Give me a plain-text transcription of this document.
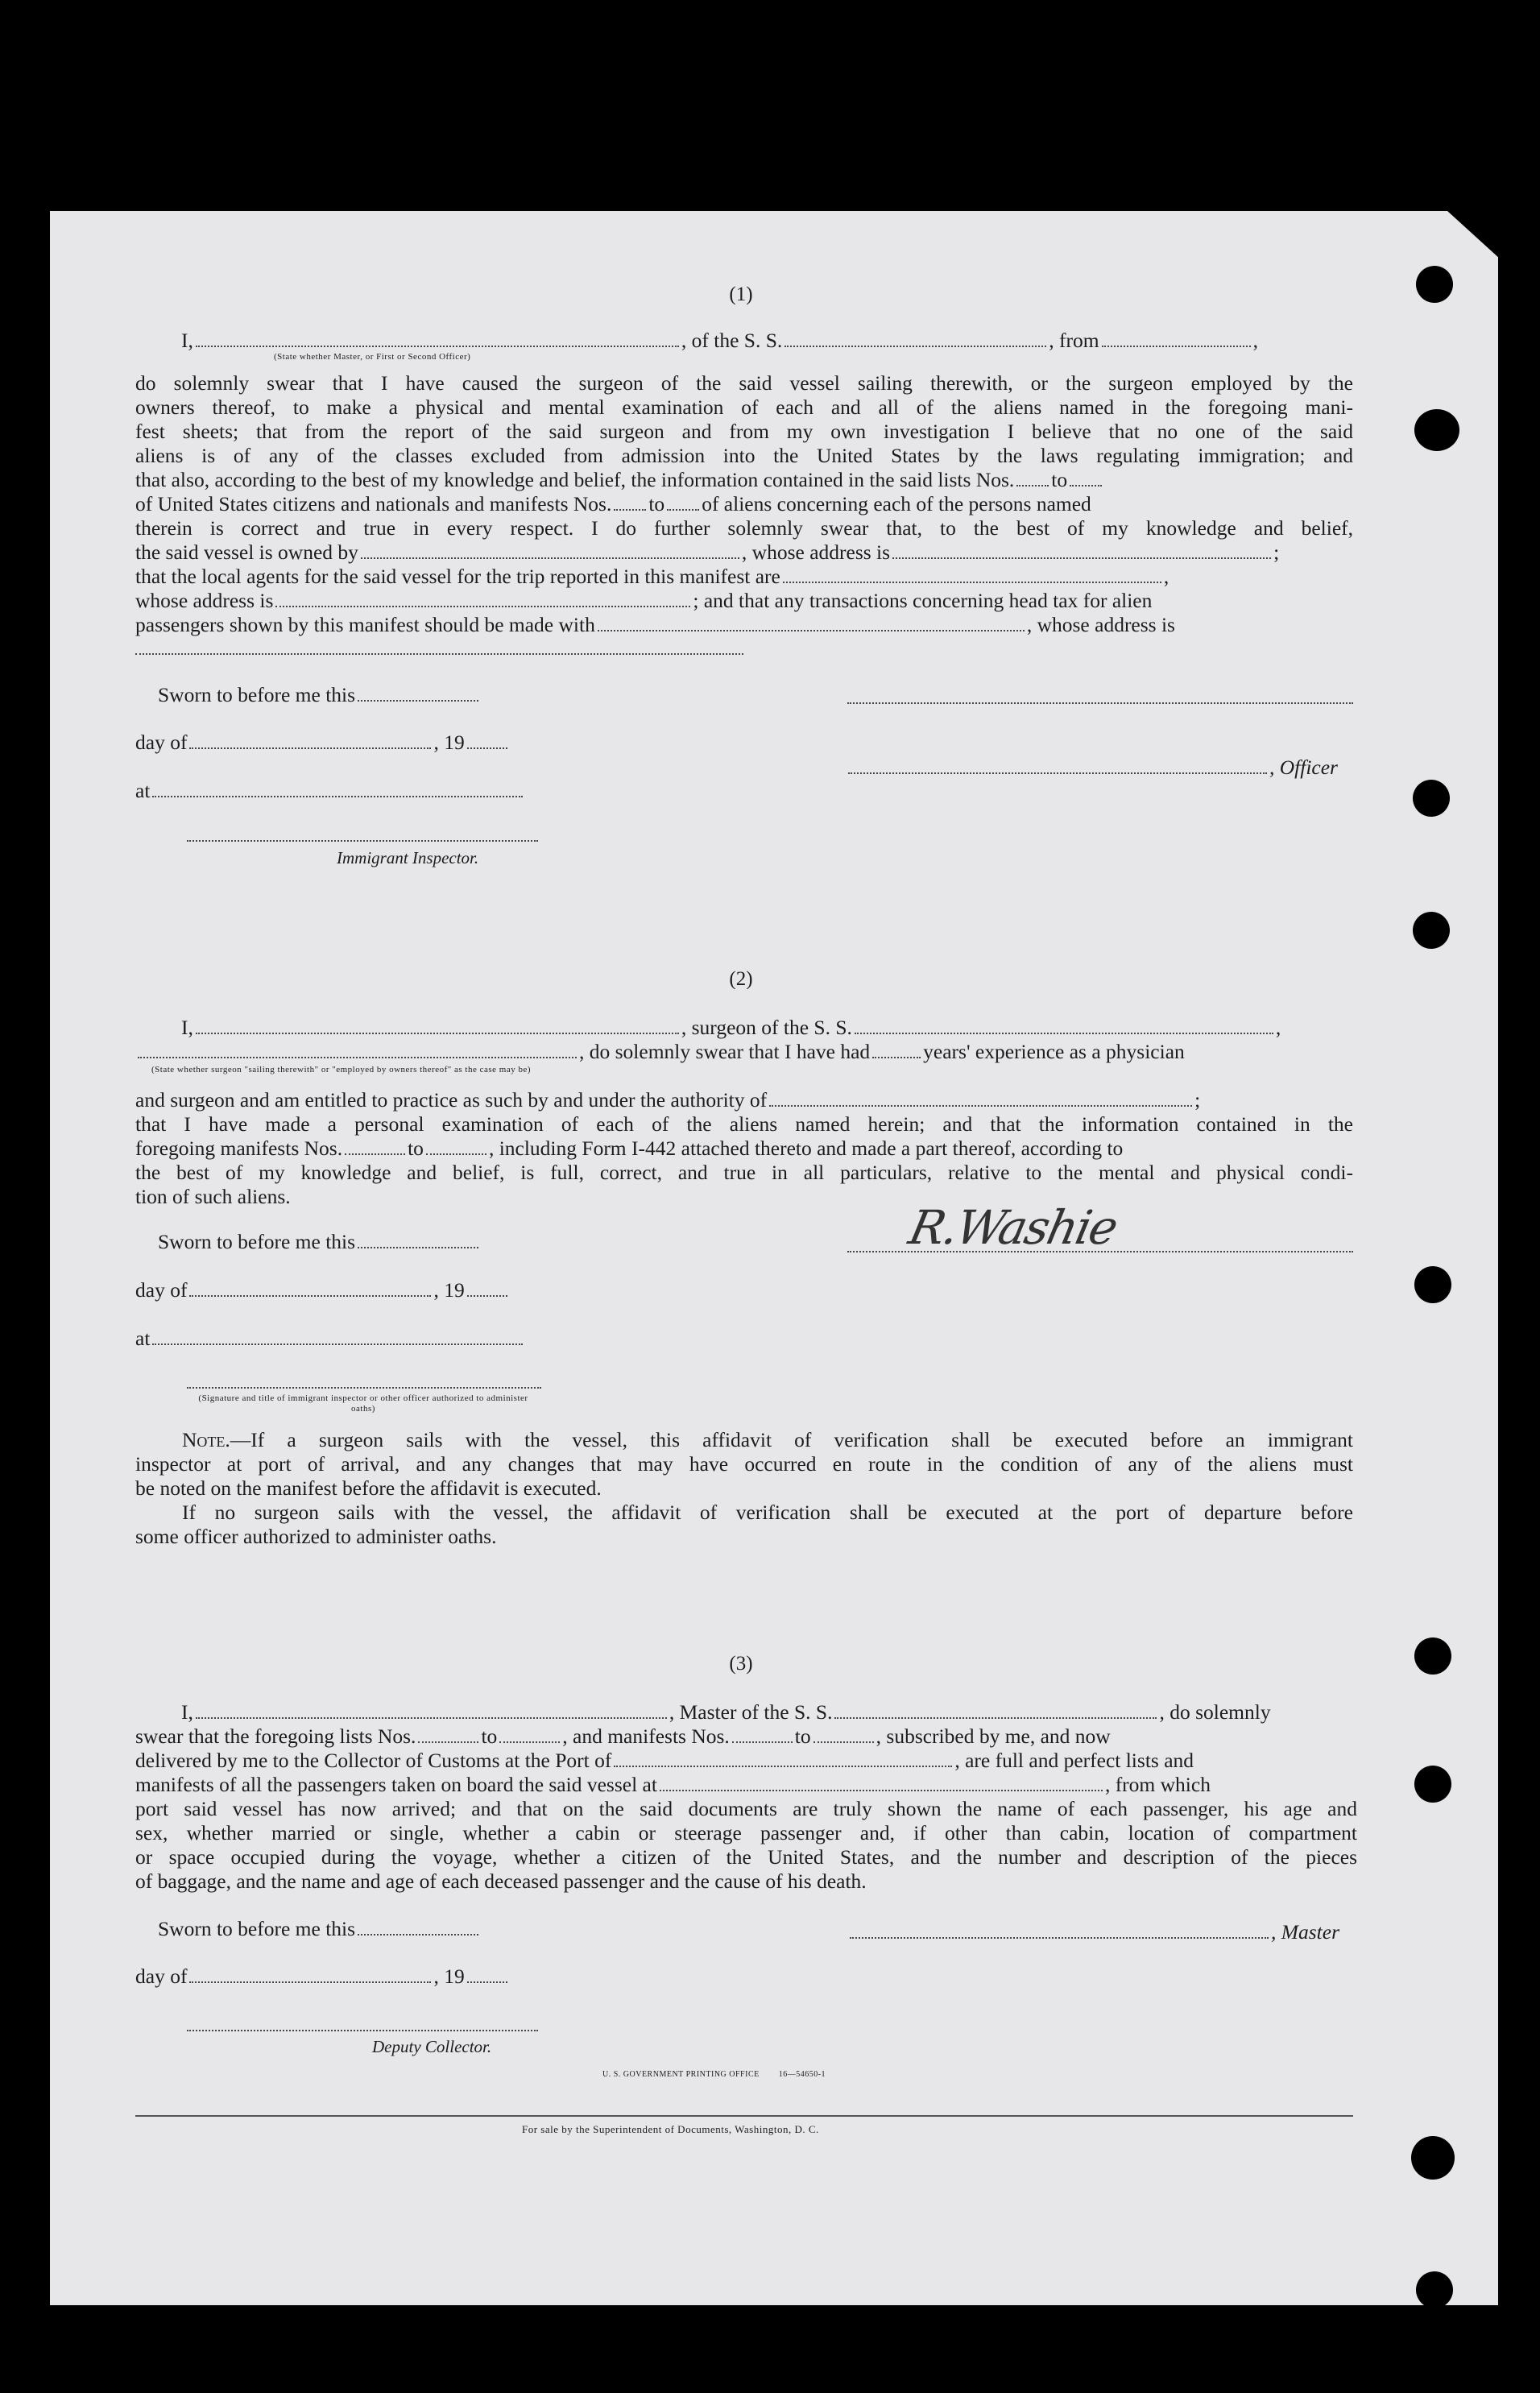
(1)
I,	, of the S. S.	, from	,
(State whether Master, or First or Second Officer)
do solemnly swear that I have caused the surgeon of the said vessel sailing therewith, or the surgeon employed by the
owners thereof, to make a physical and mental examination of each and all of the aliens named in the foregoing mani-
fest sheets; that from the report of the said surgeon and from my own investigation I believe that no one of the said
aliens is of any of the classes excluded from admission into the United States by the laws regulating immigration; and
that also, according to the best of my knowledge and belief, the information contained in the said lists Nos. to
of United States citizens and nationals and manifests Nos. to of aliens concerning each of the persons named
therein is correct and true in every respect. I do further solemnly swear that, to the best of my knowledge and belief,
the said vessel is owned by	, whose address is	;
that the local agents for the said vessel for the trip reported in this manifest are	,
whose address is	; and that any transactions concerning head tax for alien
passengers shown by this manifest should be made with	, whose address is
Sworn to before me this
day of	, 19
, Officer
at
Immigrant Inspector.
(2)
I,	, surgeon of the S. S.	,
, do solemnly swear that I have had	years' experience as a physician
(State whether surgeon "sailing therewith" or "employed by owners thereof" as the case may be)
and surgeon and am entitled to practice as such by and under the authority of	;
that I have made a personal examination of each of the aliens named herein; and that the information contained in the
foregoing manifests Nos.	to	, including Form I-442 attached thereto and made a part thereof, according to
the best of my knowledge and belief, is full, correct, and true in all particulars, relative to the mental and physical condi-
tion of such aliens.
Sworn to before me this	R.Washie
day of	, 19
at
(Signature and title of immigrant inspector or other officer authorized to administer oaths)
Note.—If a surgeon sails with the vessel, this affidavit of verification shall be executed before an immigrant
inspector at port of arrival, and any changes that may have occurred en route in the condition of any of the aliens must
be noted on the manifest before the affidavit is executed.
If no surgeon sails with the vessel, the affidavit of verification shall be executed at the port of departure before
some officer authorized to administer oaths.
(3)
I,	, Master of the S. S.	, do solemnly
swear that the foregoing lists Nos.	to	, and manifests Nos.	to	, subscribed by me, and now
delivered by me to the Collector of Customs at the Port of	, are full and perfect lists and
manifests of all the passengers taken on board the said vessel at	, from which
port said vessel has now arrived; and that on the said documents are truly shown the name of each passenger, his age and
sex, whether married or single, whether a cabin or steerage passenger and, if other than cabin, location of compartment
or space occupied during the voyage, whether a citizen of the United States, and the number and description of the pieces
of baggage, and the name and age of each deceased passenger and the cause of his death.
Sworn to before me this	, Master
day of	, 19
Deputy Collector.
U. S. GOVERNMENT PRINTING OFFICE        16—54650-1
For sale by the Superintendent of Documents, Washington, D. C.
